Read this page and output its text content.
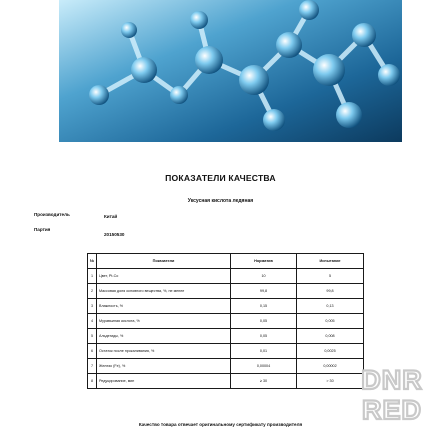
ПОКАЗАТЕЛИ КАЧЕСТВА
Уксусная кислота ледяная
Производитель	Китай
Партия
20150530
№	Показатели	Норматив	Испытание
1	Цвет, Pt-Co	10	5
2	Массовая доля основного вещества, %, не менее	99,8	99,8
3	Влажность, %	0,15	0,13
4	Муравьиная кислота, %	0,05	0,005
5	Альдегиды, %	0,05	0,008
6	Остаток после прокаливания, %	0,01	0,0025
7	Железо (Fe), %	0,00004	0,00002
8	Редуцирование, мин	≥ 30	> 30
Качество товара отвечает оригинальному сертификату производителя
DNR
RED
